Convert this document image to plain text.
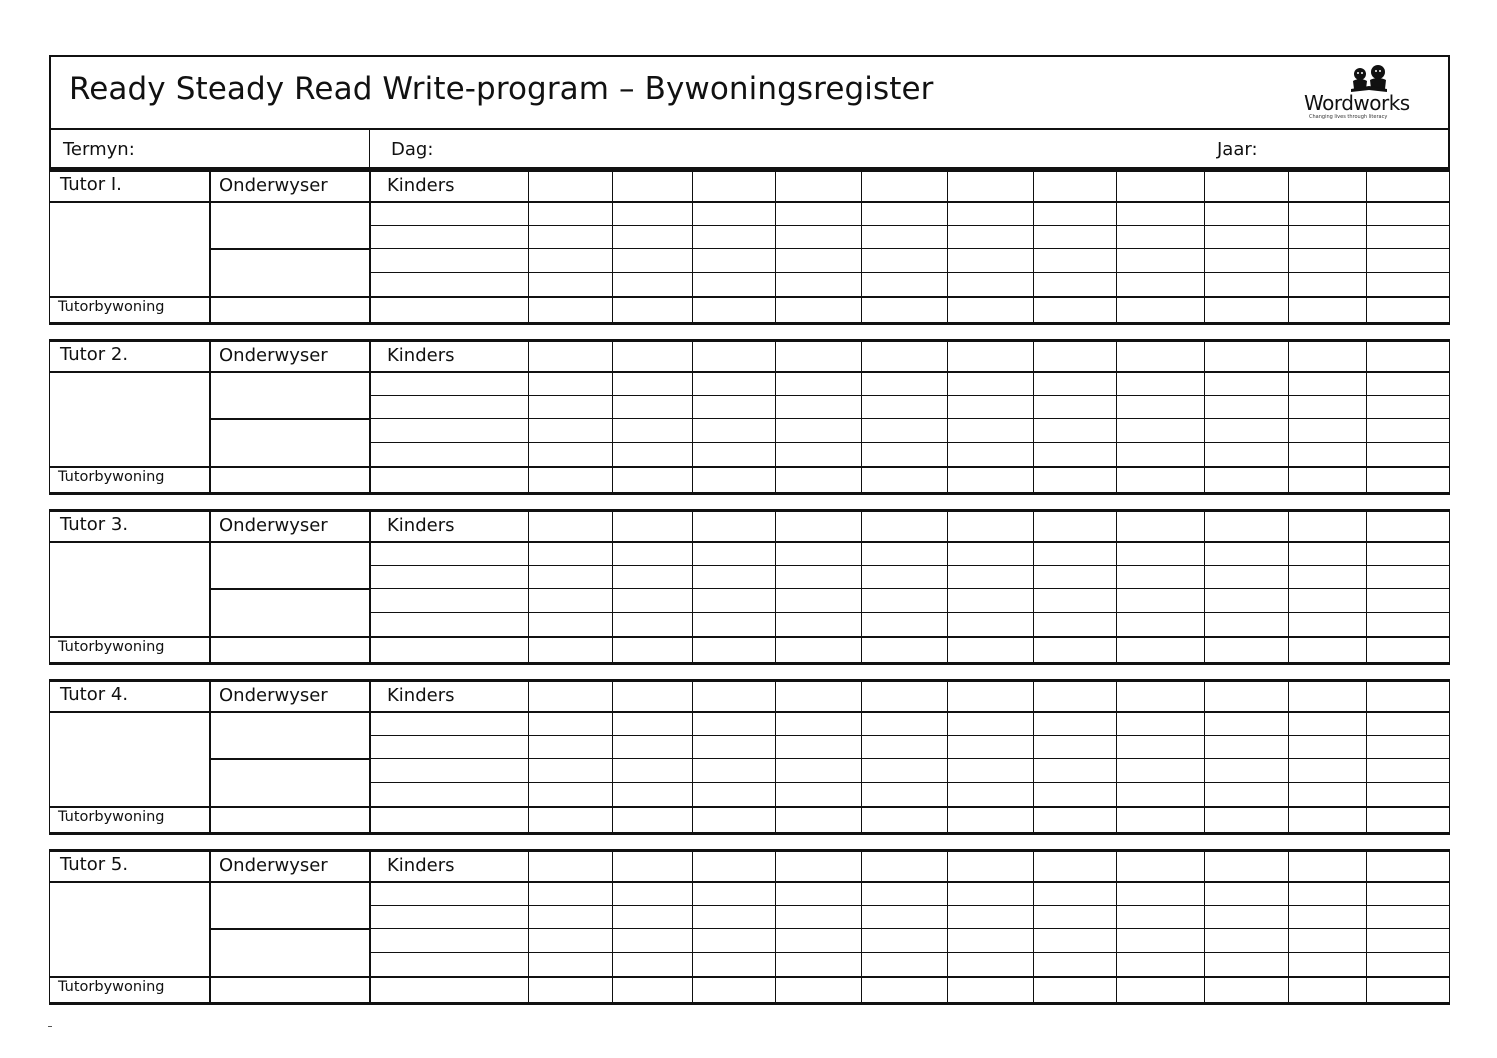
Ready Steady Read Write-program – Bywoningsregister	Wordworks
Changing lives through literacy
Termyn:	Dag:	Jaar:
Tutor I.	Onderwyser	Kinders
Tutorbywoning
Tutor 2.	Onderwyser	Kinders
Tutorbywoning
Tutor 3.	Onderwyser	Kinders
Tutorbywoning
Tutor 4.	Onderwyser	Kinders
Tutorbywoning
Tutor 5.	Onderwyser	Kinders
Tutorbywoning
